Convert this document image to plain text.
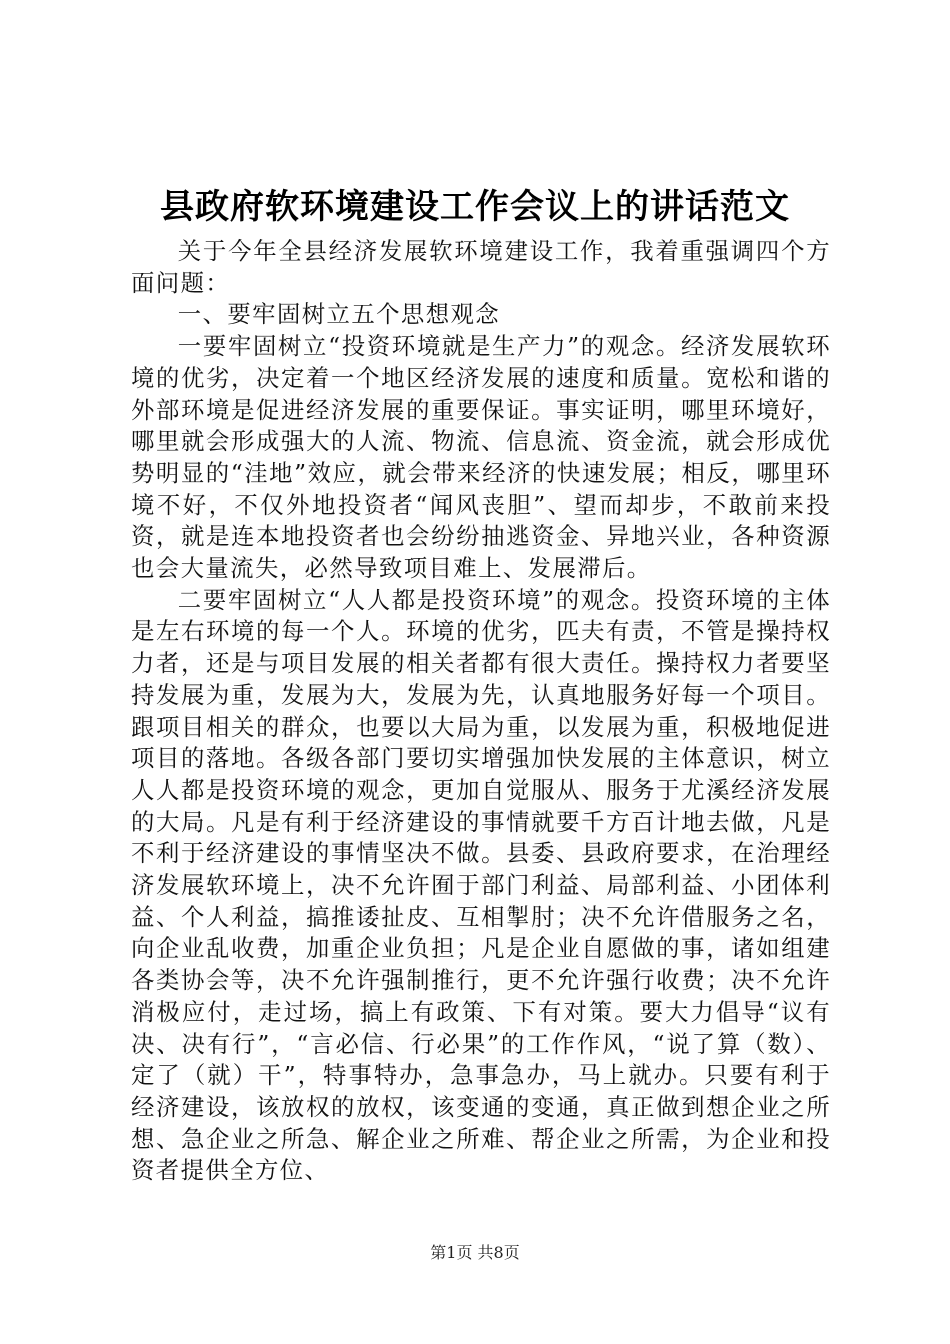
县政府软环境建设工作会议上的讲话范文

关于今年全县经济发展软环境建设工作，我着重强调四个方面问题：

一、要牢固树立五个思想观念

一要牢固树立“投资环境就是生产力”的观念。经济发展软环境的优劣，决定着一个地区经济发展的速度和质量。宽松和谐的外部环境是促进经济发展的重要保证。事实证明，哪里环境好，哪里就会形成强大的人流、物流、信息流、资金流，就会形成优势明显的“洼地”效应，就会带来经济的快速发展；相反，哪里环境不好，不仅外地投资者“闻风丧胆”、望而却步，不敢前来投资，就是连本地投资者也会纷纷抽逃资金、异地兴业，各种资源也会大量流失，必然导致项目难上、发展滞后。

二要牢固树立“人人都是投资环境”的观念。投资环境的主体是左右环境的每一个人。环境的优劣，匹夫有责，不管是操持权力者，还是与项目发展的相关者都有很大责任。操持权力者要坚持发展为重，发展为大，发展为先，认真地服务好每一个项目。跟项目相关的群众，也要以大局为重，以发展为重，积极地促进项目的落地。各级各部门要切实增强加快发展的主体意识，树立人人都是投资环境的观念，更加自觉服从、服务于尤溪经济发展的大局。凡是有利于经济建设的事情就要千方百计地去做，凡是不利于经济建设的事情坚决不做。县委、县政府要求，在治理经济发展软环境上，决不允许囿于部门利益、局部利益、小团体利益、个人利益，搞推诿扯皮、互相掣肘；决不允许借服务之名，向企业乱收费，加重企业负担；凡是企业自愿做的事，诸如组建各类协会等，决不允许强制推行，更不允许强行收费；决不允许消极应付，走过场，搞上有政策、下有对策。要大力倡导“议有决、决有行”，“言必信、行必果”的工作作风，“说了算（数）、定了（就）干”，特事特办，急事急办，马上就办。只要有利于经济建设，该放权的放权，该变通的变通，真正做到想企业之所想、急企业之所急、解企业之所难、帮企业之所需，为企业和投资者提供全方位、

第1页 共8页
